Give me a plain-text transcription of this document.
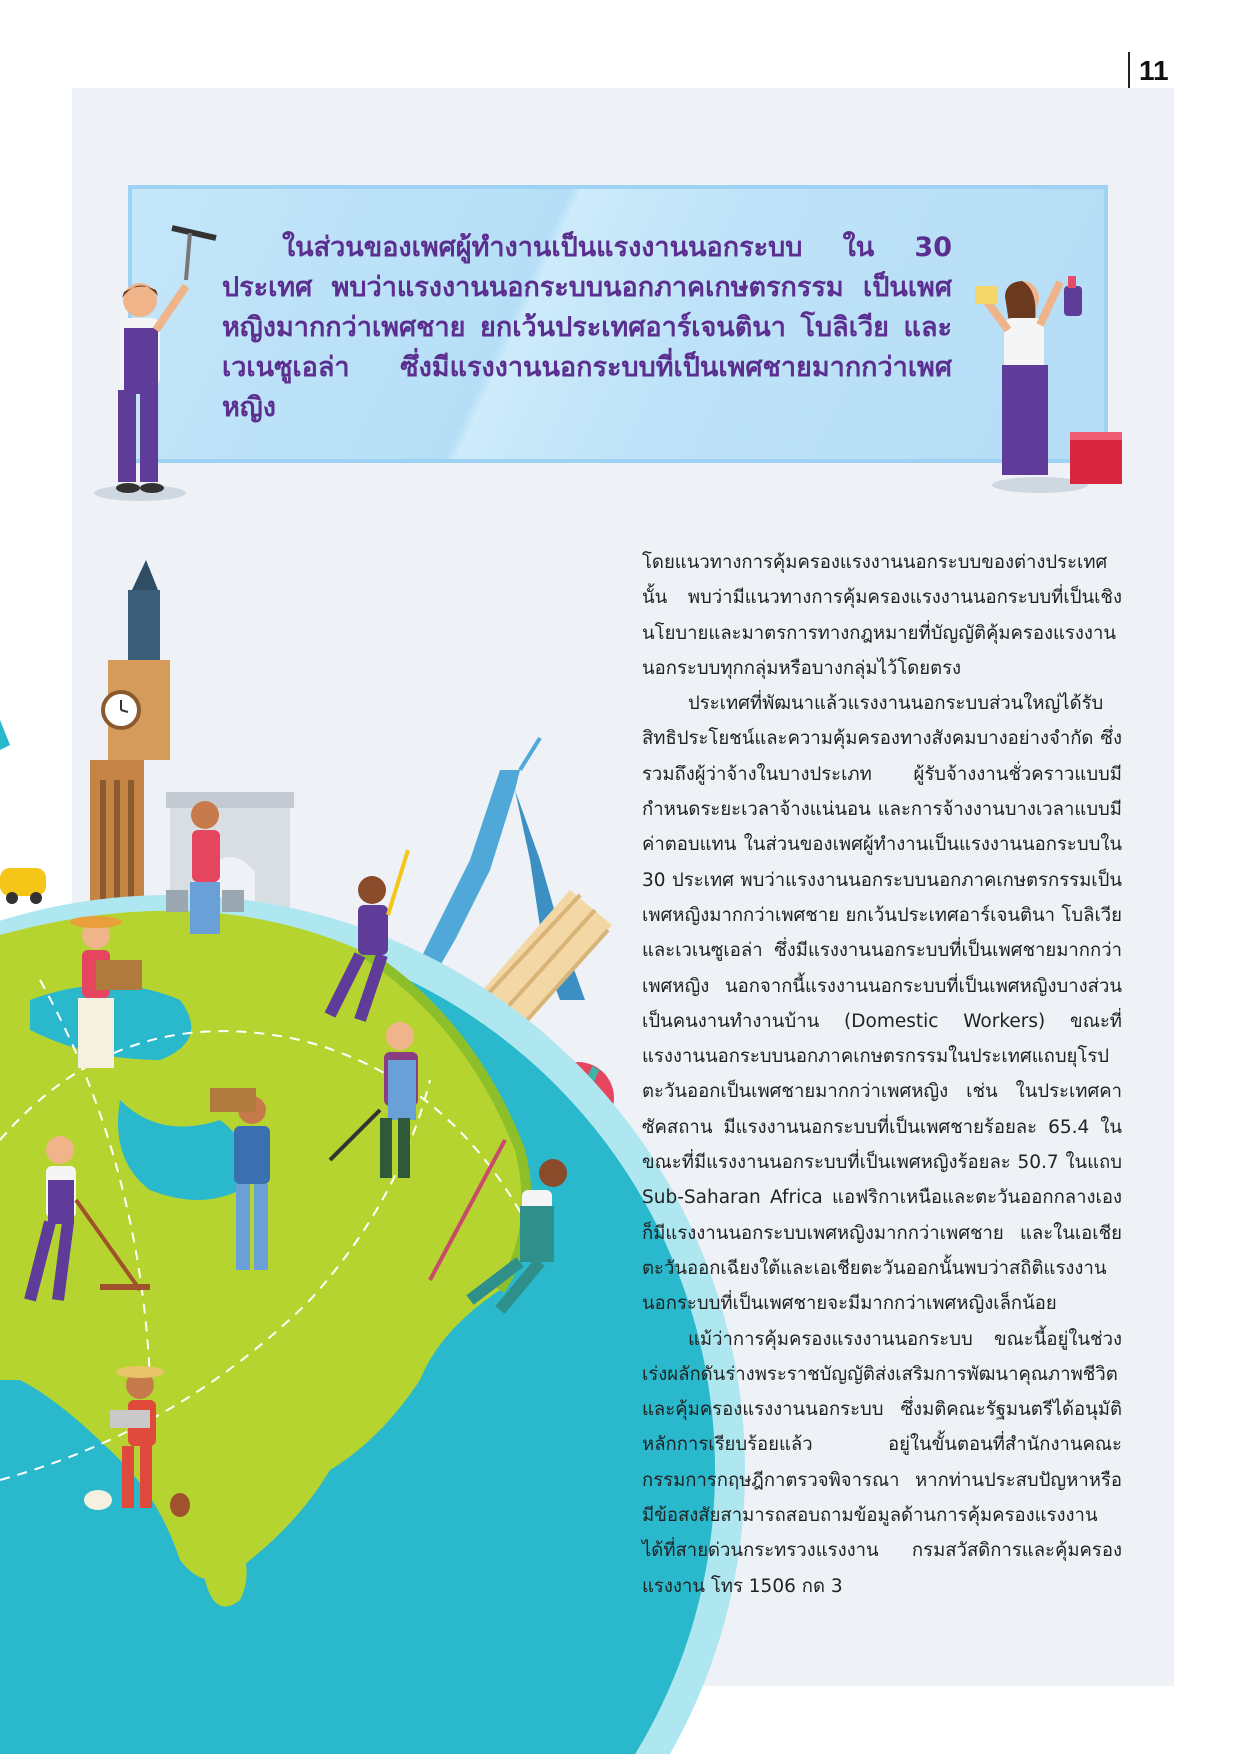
11

ในส่วนของเพศผู้ทำงานเป็นแรงงานนอกระบบ ใน 30 ประเทศ พบว่าแรงงานนอกระบบนอกภาคเกษตรกรรม เป็นเพศหญิงมากกว่าเพศชาย ยกเว้นประเทศอาร์เจนตินา โบลิเวีย และเวเนซูเอล่า ซึ่งมีแรงงานนอกระบบที่เป็นเพศชายมากกว่าเพศหญิง

โดยแนวทางการคุ้มครองแรงงานนอกระบบของต่างประเทศนั้น พบว่ามีแนวทางการคุ้มครองแรงงานนอกระบบที่เป็นเชิงนโยบายและมาตรการทางกฎหมายที่บัญญัติคุ้มครองแรงงานนอกระบบทุกกลุ่มหรือบางกลุ่มไว้โดยตรง

ประเทศที่พัฒนาแล้วแรงงานนอกระบบส่วนใหญ่ได้รับสิทธิประโยชน์และความคุ้มครองทางสังคมบางอย่างจำกัด ซึ่งรวมถึงผู้ว่าจ้างในบางประเภท ผู้รับจ้างงานชั่วคราวแบบมีกำหนดระยะเวลาจ้างแน่นอน และการจ้างงานบางเวลาแบบมีค่าตอบแทน ในส่วนของเพศผู้ทำงานเป็นแรงงานนอกระบบใน 30 ประเทศ พบว่าแรงงานนอกระบบนอกภาคเกษตรกรรมเป็นเพศหญิงมากกว่าเพศชาย ยกเว้นประเทศอาร์เจนตินา โบลิเวีย และเวเนซูเอล่า ซึ่งมีแรงงานนอกระบบที่เป็นเพศชายมากกว่าเพศหญิง นอกจากนี้แรงงานนอกระบบที่เป็นเพศหญิงบางส่วนเป็นคนงานทำงานบ้าน (Domestic Workers) ขณะที่แรงงานนอกระบบนอกภาคเกษตรกรรมในประเทศแถบยุโรปตะวันออกเป็นเพศชายมากกว่าเพศหญิง เช่น ในประเทศคาซัคสถาน มีแรงงานนอกระบบที่เป็นเพศชายร้อยละ 65.4 ในขณะที่มีแรงงานนอกระบบที่เป็นเพศหญิงร้อยละ 50.7 ในแถบ Sub-Saharan Africa แอฟริกาเหนือและตะวันออกกลางเองก็มีแรงงานนอกระบบเพศหญิงมากกว่าเพศชาย และในเอเชียตะวันออกเฉียงใต้และเอเชียตะวันออกนั้นพบว่าสถิติแรงงานนอกระบบที่เป็นเพศชายจะมีมากกว่าเพศหญิงเล็กน้อย

แม้ว่าการคุ้มครองแรงงานนอกระบบ ขณะนี้อยู่ในช่วงเร่งผลักดันร่างพระราชบัญญัติส่งเสริมการพัฒนาคุณภาพชีวิตและคุ้มครองแรงงานนอกระบบ ซึ่งมติคณะรัฐมนตรีได้อนุมัติหลักการเรียบร้อยแล้ว อยู่ในขั้นตอนที่สำนักงานคณะกรรมการกฤษฎีกาตรวจพิจารณา หากท่านประสบปัญหาหรือมีข้อสงสัยสามารถสอบถามข้อมูลด้านการคุ้มครองแรงงานได้ที่สายด่วนกระทรวงแรงงาน กรมสวัสดิการและคุ้มครองแรงงาน โทร 1506 กด 3
